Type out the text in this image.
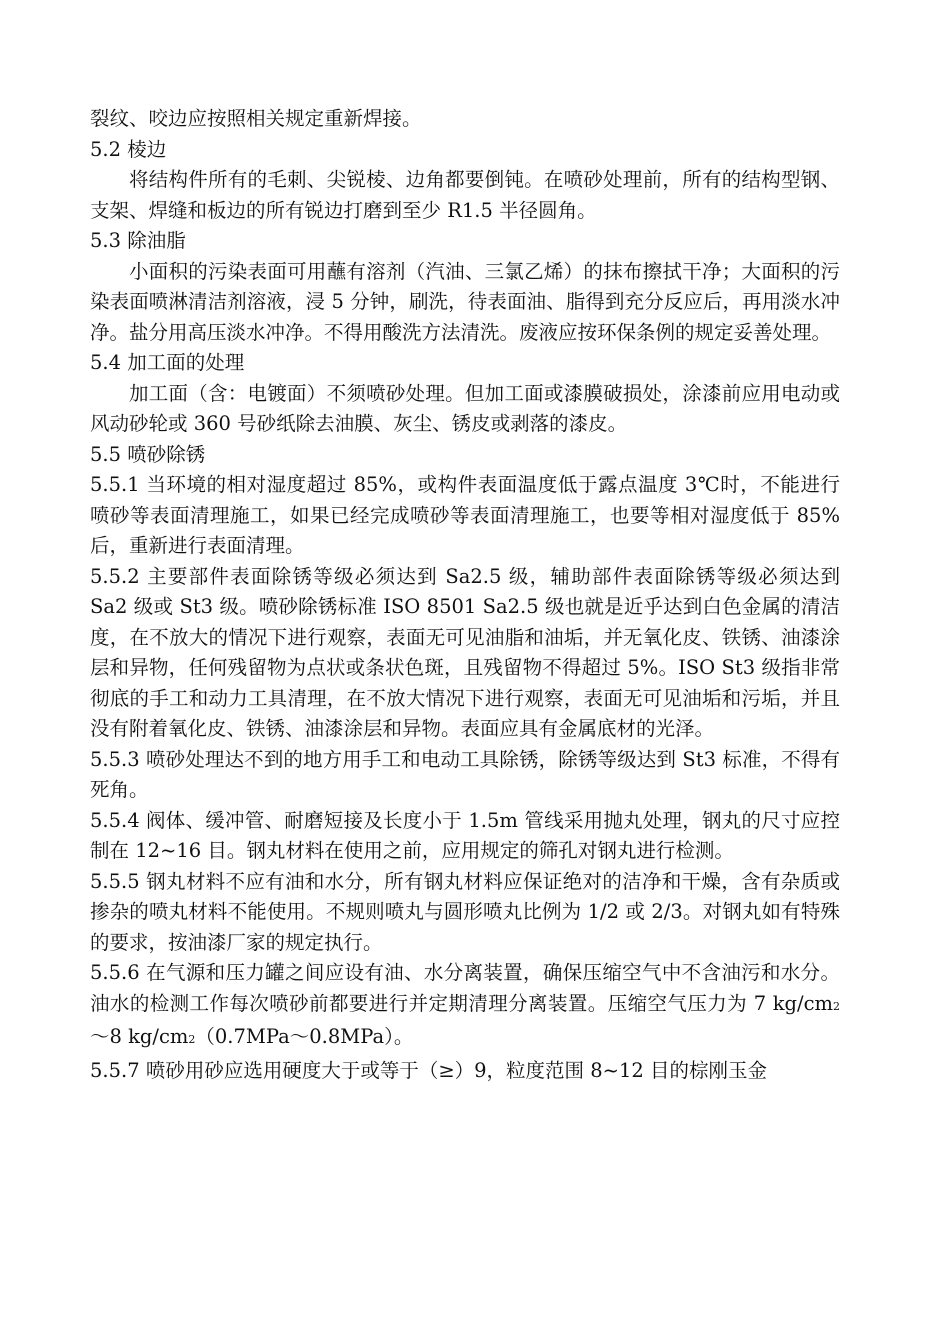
裂纹、咬边应按照相关规定重新焊接。

5.2 棱边

将结构件所有的毛刺、尖锐棱、边角都要倒钝。在喷砂处理前，所有的结构型钢、支架、焊缝和板边的所有锐边打磨到至少 R1.5 半径圆角。

5.3 除油脂

小面积的污染表面可用蘸有溶剂（汽油、三氯乙烯）的抹布擦拭干净；大面积的污染表面喷淋清洁剂溶液，浸 5 分钟，刷洗，待表面油、脂得到充分反应后，再用淡水冲净。盐分用高压淡水冲净。不得用酸洗方法清洗。废液应按环保条例的规定妥善处理。

5.4 加工面的处理

加工面（含：电镀面）不须喷砂处理。但加工面或漆膜破损处，涂漆前应用电动或风动砂轮或 360 号砂纸除去油膜、灰尘、锈皮或剥落的漆皮。

5.5 喷砂除锈

5.5.1 当环境的相对湿度超过 85%，或构件表面温度低于露点温度 3℃时，不能进行喷砂等表面清理施工，如果已经完成喷砂等表面清理施工，也要等相对湿度低于 85%后，重新进行表面清理。

5.5.2 主要部件表面除锈等级必须达到 Sa2.5 级，辅助部件表面除锈等级必须达到 Sa2 级或 St3 级。喷砂除锈标准 ISO 8501 Sa2.5 级也就是近乎达到白色金属的清洁度，在不放大的情况下进行观察，表面无可见油脂和油垢，并无氧化皮、铁锈、油漆涂层和异物，任何残留物为点状或条状色斑，且残留物不得超过 5%。ISO St3 级指非常彻底的手工和动力工具清理，在不放大情况下进行观察，表面无可见油垢和污垢，并且没有附着氧化皮、铁锈、油漆涂层和异物。表面应具有金属底材的光泽。

5.5.3 喷砂处理达不到的地方用手工和电动工具除锈，除锈等级达到 St3 标准，不得有死角。

5.5.4 阀体、缓冲管、耐磨短接及长度小于 1.5m 管线采用抛丸处理，钢丸的尺寸应控制在 12~16 目。钢丸材料在使用之前，应用规定的筛孔对钢丸进行检测。

5.5.5 钢丸材料不应有油和水分，所有钢丸材料应保证绝对的洁净和干燥，含有杂质或掺杂的喷丸材料不能使用。不规则喷丸与圆形喷丸比例为 1/2 或 2/3。对钢丸如有特殊的要求，按油漆厂家的规定执行。

5.5.6 在气源和压力罐之间应设有油、水分离装置，确保压缩空气中不含油污和水分。油水的检测工作每次喷砂前都要进行并定期清理分离装置。压缩空气压力为 7 kg/cm2～8 kg/cm2（0.7MPa～0.8MPa）。

5.5.7 喷砂用砂应选用硬度大于或等于（≥）9，粒度范围 8~12 目的棕刚玉金
